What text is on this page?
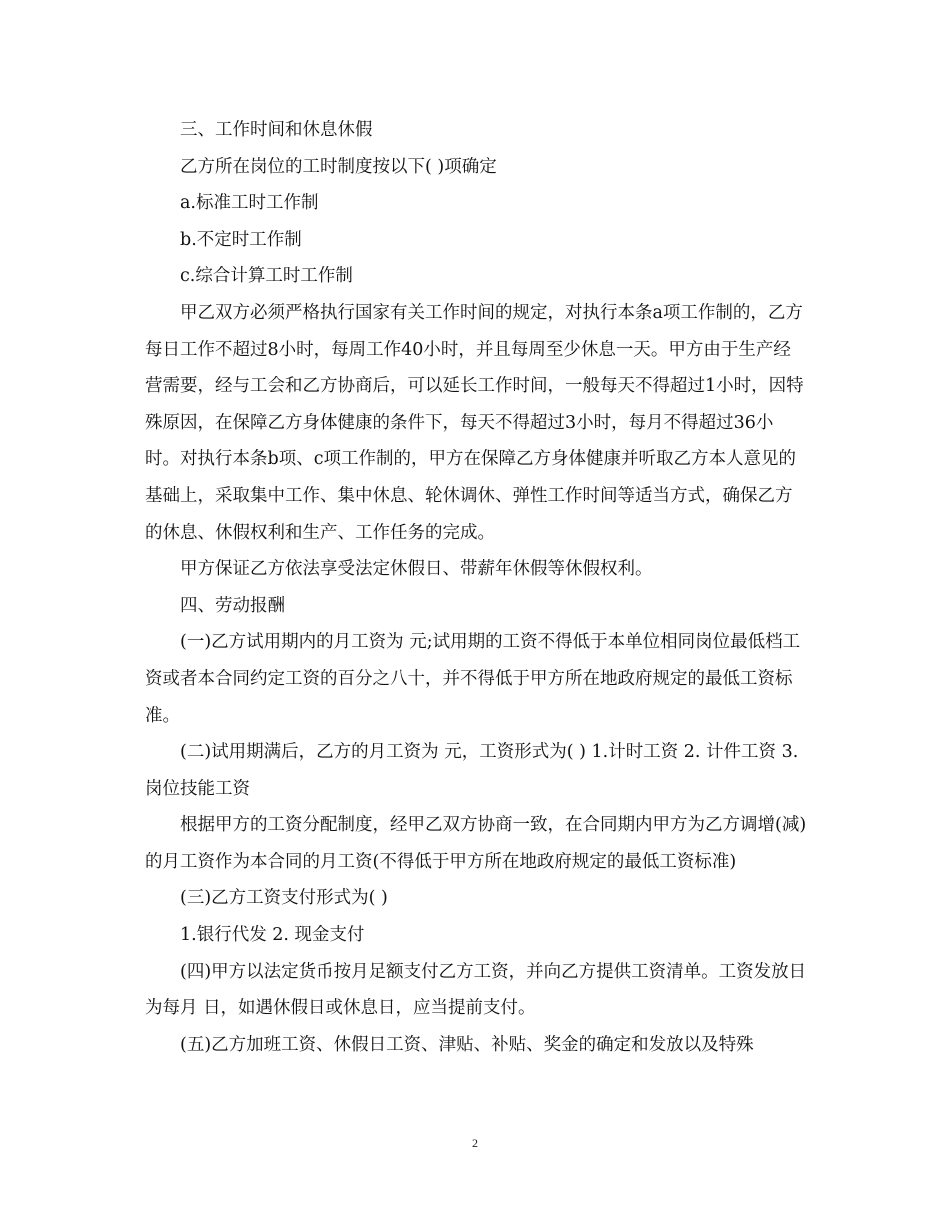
三、工作时间和休息休假

乙方所在岗位的工时制度按以下( )项确定

a.标准工时工作制

b.不定时工作制

c.综合计算工时工作制

甲乙双方必须严格执行国家有关工作时间的规定，对执行本条a项工作制的，乙方每日工作不超过8小时，每周工作40小时，并且每周至少休息一天。甲方由于生产经营需要，经与工会和乙方协商后，可以延长工作时间，一般每天不得超过1小时，因特殊原因，在保障乙方身体健康的条件下，每天不得超过3小时，每月不得超过36小时。对执行本条b项、c项工作制的，甲方在保障乙方身体健康并听取乙方本人意见的基础上，采取集中工作、集中休息、轮休调休、弹性工作时间等适当方式，确保乙方的休息、休假权利和生产、工作任务的完成。

甲方保证乙方依法享受法定休假日、带薪年休假等休假权利。

四、劳动报酬

(一)乙方试用期内的月工资为 元;试用期的工资不得低于本单位相同岗位最低档工资或者本合同约定工资的百分之八十，并不得低于甲方所在地政府规定的最低工资标准。

(二)试用期满后，乙方的月工资为 元，工资形式为( ) 1.计时工资 2. 计件工资 3. 岗位技能工资

根据甲方的工资分配制度，经甲乙双方协商一致，在合同期内甲方为乙方调增(减)的月工资作为本合同的月工资(不得低于甲方所在地政府规定的最低工资标准)

(三)乙方工资支付形式为( )

1.银行代发 2. 现金支付

(四)甲方以法定货币按月足额支付乙方工资，并向乙方提供工资清单。工资发放日为每月 日，如遇休假日或休息日，应当提前支付。

(五)乙方加班工资、休假日工资、津贴、补贴、奖金的确定和发放以及特殊

2
